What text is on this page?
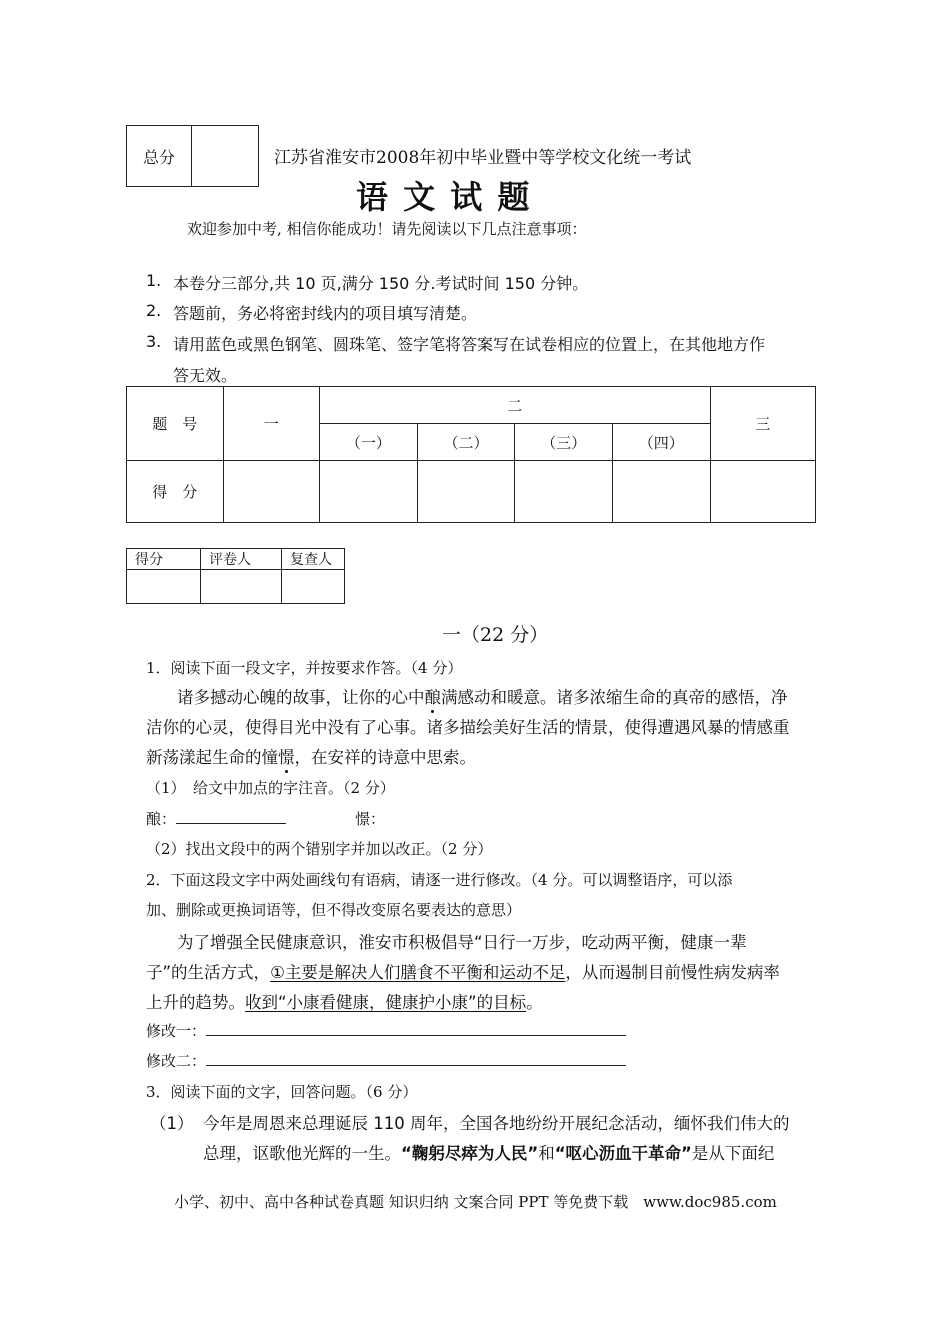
总分		江苏省淮安市2008年初中毕业暨中等学校文化统一考试
语 文 试 题
欢迎参加中考, 相信你能成功！请先阅读以下几点注意事项：
1. 本卷分三部分,共 10 页,满分 150 分.考试时间 150 分钟。
2. 答题前，务必将密封线内的项目填写清楚。
3. 请用蓝色或黑色钢笔、圆珠笔、签字笔将答案写在试卷相应的位置上，在其他地方作
答无效。
题　号	一	二				三
		（一）	（二）	（三）	（四）	
得　分						
得分	评卷人	复查人

一（22 分）
1．阅读下面一段文字，并按要求作答。（4 分）
诸多撼动心魄的故事，让你的心中酿满感动和暖意。诸多浓缩生命的真帝的感悟，净
洁你的心灵，使得目光中没有了心事。诸多描绘美好生活的情景，使得遭遇风暴的情感重
新荡漾起生命的憧憬，在安祥的诗意中思索。
（1）　给文中加点的字注音。（2 分）
酿：	憬：
（2）找出文段中的两个错别字并加以改正。（2 分）
2．下面这段文字中两处画线句有语病，请逐一进行修改。（4 分。可以调整语序，可以添
加、删除或更换词语等，但不得改变原名要表达的意思）
为了增强全民健康意识，淮安市积极倡导“日行一万步，吃动两平衡，健康一辈
子”的生活方式，①主要是解决人们膳食不平衡和运动不足，从而遏制目前慢性病发病率
上升的趋势。收到“小康看健康，健康护小康”的目标。
修改一：
修改二：
3．阅读下面的文字，回答问题。（6 分）
（1） 今年是周恩来总理诞辰 110 周年，全国各地纷纷开展纪念活动，缅怀我们伟大的
总理，讴歌他光辉的一生。“鞠躬尽瘁为人民”和“呕心沥血干革命”是从下面纪
小学、初中、高中各种试卷真题 知识归纳 文案合同 PPT 等免费下载　www.doc985.com
